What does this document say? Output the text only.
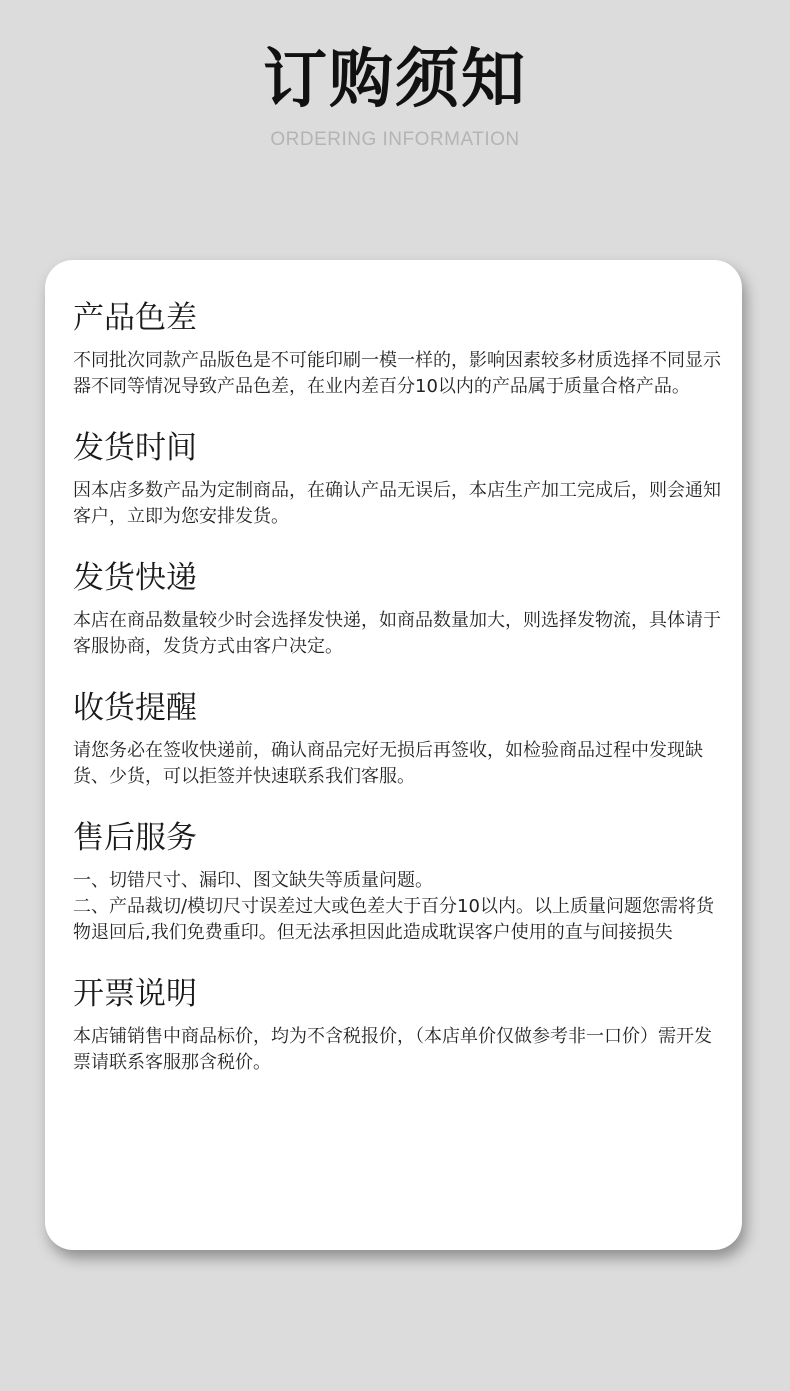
订购须知
ORDERING INFORMATION
产品色差

不同批次同款产品版色是不可能印刷一模一样的，影响因素较多材质选择不同显示器不同等情况导致产品色差，在业内差百分10以内的产品属于质量合格产品。

发货时间

因本店多数产品为定制商品，在确认产品无误后，本店生产加工完成后，则会通知客户，立即为您安排发货。

发货快递

本店在商品数量较少时会选择发快递，如商品数量加大，则选择发物流，具体请于客服协商，发货方式由客户决定。

收货提醒

请您务必在签收快递前，确认商品完好无损后再签收，如检验商品过程中发现缺货、少货，可以拒签并快速联系我们客服。

售后服务

一、切错尺寸、漏印、图文缺失等质量问题。

二、产品裁切/模切尺寸误差过大或色差大于百分10以内。以上质量问题您需将货物退回后,我们免费重印。但无法承担因此造成耽误客户使用的直与间接损失

开票说明

本店铺销售中商品标价，均为不含税报价，（本店单价仅做参考非一口价）需开发票请联系客服那含税价。
